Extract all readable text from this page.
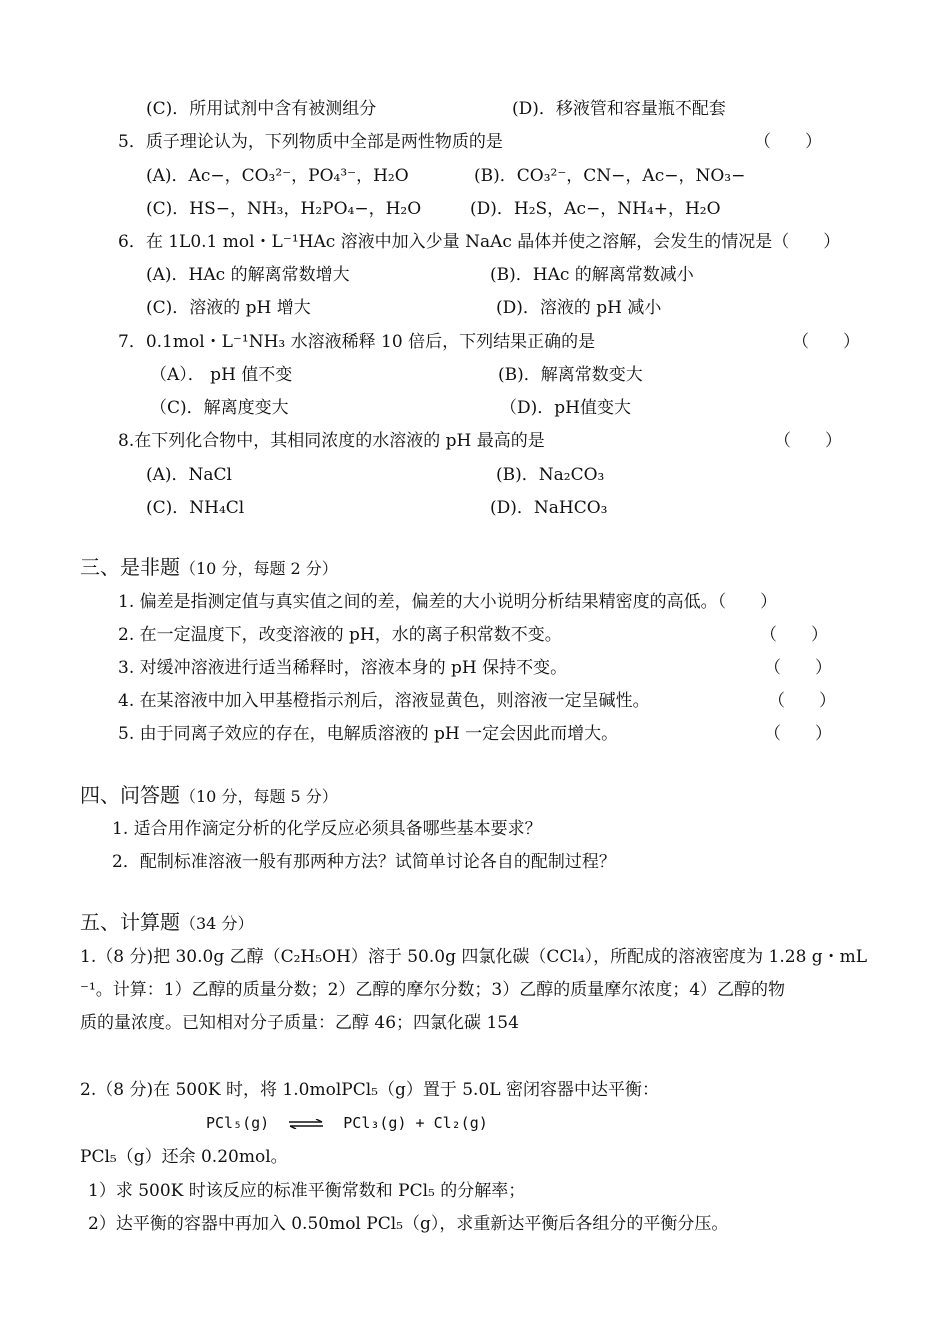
(C)．所用试剂中含有被测组分	(D)．移液管和容量瓶不配套
5．质子理论认为，下列物质中全部是两性物质的是	（　　）
(A)．Ac−，CO₃²⁻，PO₄³⁻，H₂O	(B)．CO₃²⁻，CN−，Ac−，NO₃−
(C)．HS−，NH₃，H₂PO₄−，H₂O	(D)．H₂S，Ac−，NH₄+，H₂O
6．在 1L0.1 mol・L⁻¹HAc 溶液中加入少量 NaAc 晶体并使之溶解，会发生的情况是（　　）
(A)．HAc 的解离常数增大	(B)．HAc 的解离常数减小
(C)．溶液的 pH 增大	(D)．溶液的 pH 减小
7．0.1mol・L⁻¹NH₃ 水溶液稀释 10 倍后，下列结果正确的是	（　　）
（A）． pH 值不变	(B)．解离常数变大
（C)．解离度变大	（D)．pH值变大
8.在下列化合物中，其相同浓度的水溶液的 pH 最高的是	（　　）
(A)．NaCl	(B)．Na₂CO₃
(C)．NH₄Cl	(D)．NaHCO₃
三、是非题（10 分，每题 2 分）
1. 偏差是指测定值与真实值之间的差，偏差的大小说明分析结果精密度的高低。（　　）
2. 在一定温度下，改变溶液的 pH，水的离子积常数不变。	（　　）
3. 对缓冲溶液进行适当稀释时，溶液本身的 pH 保持不变。	（　　）
4. 在某溶液中加入甲基橙指示剂后，溶液显黄色，则溶液一定呈碱性。	（　　）
5. 由于同离子效应的存在，电解质溶液的 pH 一定会因此而增大。	（　　）
四、问答题（10 分，每题 5 分）
1. 适合用作滴定分析的化学反应必须具备哪些基本要求？
2．配制标准溶液一般有那两种方法？试简单讨论各自的配制过程？
五、计算题（34 分）
1.（8 分)把 30.0g 乙醇（C₂H₅OH）溶于 50.0g 四氯化碳（CCl₄），所配成的溶液密度为 1.28 g・mL
⁻¹。计算：1）乙醇的质量分数；2）乙醇的摩尔分数；3）乙醇的质量摩尔浓度；4）乙醇的物
质的量浓度。已知相对分子质量：乙醇 46；四氯化碳 154
2.（8 分)在 500K 时，将 1.0molPCl₅（g）置于 5.0L 密闭容器中达平衡：
PCl₅(g) ⇌ PCl₃(g) + Cl₂(g)
PCl₅（g）还余 0.20mol。
1）求 500K 时该反应的标准平衡常数和 PCl₅ 的分解率；
2）达平衡的容器中再加入 0.50mol PCl₅（g），求重新达平衡后各组分的平衡分压。
